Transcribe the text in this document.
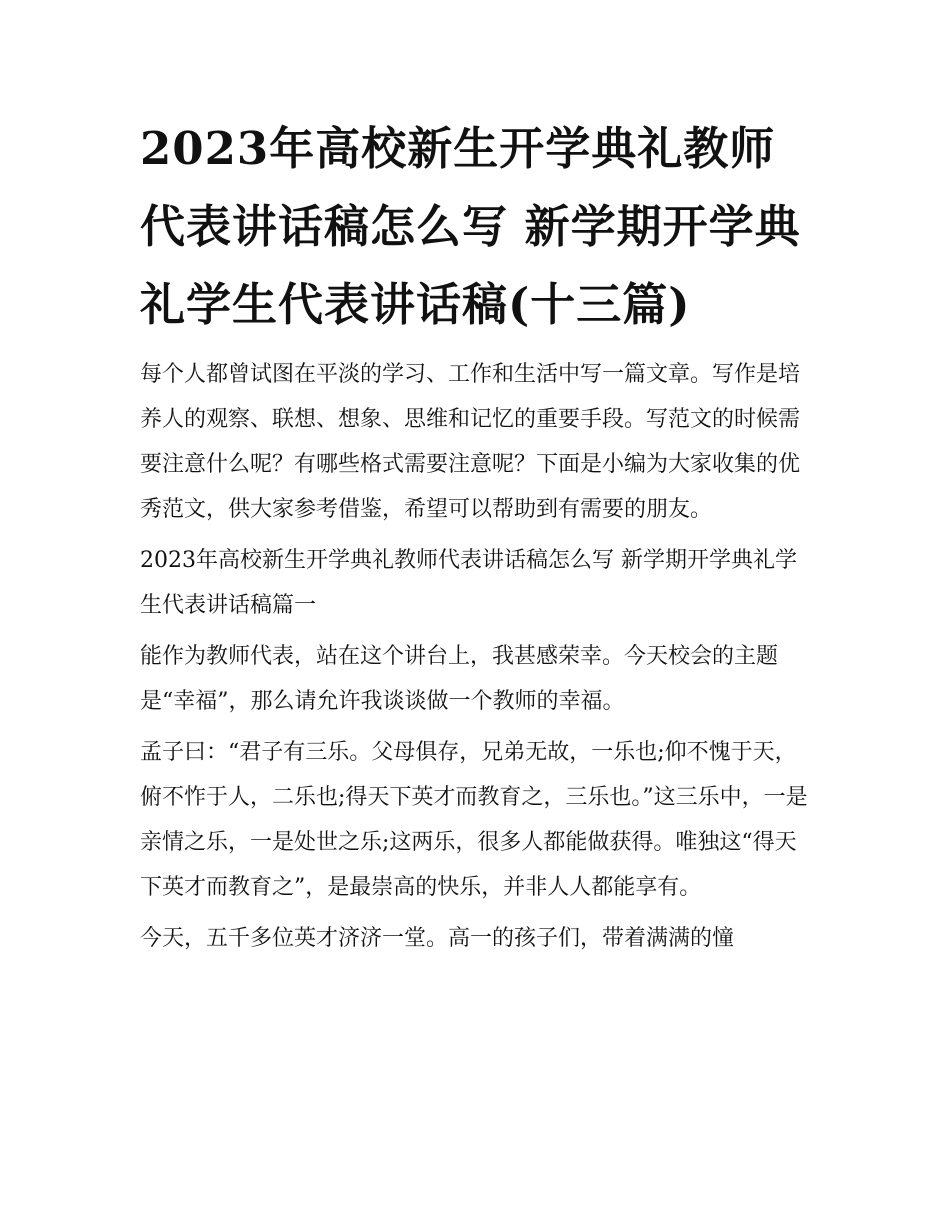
2023年高校新生开学典礼教师代表讲话稿怎么写 新学期开学典礼学生代表讲话稿(十三篇)

每个人都曾试图在平淡的学习、工作和生活中写一篇文章。写作是培养人的观察、联想、想象、思维和记忆的重要手段。写范文的时候需要注意什么呢？有哪些格式需要注意呢？下面是小编为大家收集的优秀范文，供大家参考借鉴，希望可以帮助到有需要的朋友。

2023年高校新生开学典礼教师代表讲话稿怎么写 新学期开学典礼学生代表讲话稿篇一

能作为教师代表，站在这个讲台上，我甚感荣幸。今天校会的主题是“幸福”，那么请允许我谈谈做一个教师的幸福。

孟子曰：“君子有三乐。父母俱存，兄弟无故，一乐也;仰不愧于天，俯不怍于人，二乐也;得天下英才而教育之，三乐也。”这三乐中，一是亲情之乐，一是处世之乐;这两乐，很多人都能做获得。唯独这“得天下英才而教育之”，是最崇高的快乐，并非人人都能享有。

今天，五千多位英才济济一堂。高一的孩子们，带着满满的憧
